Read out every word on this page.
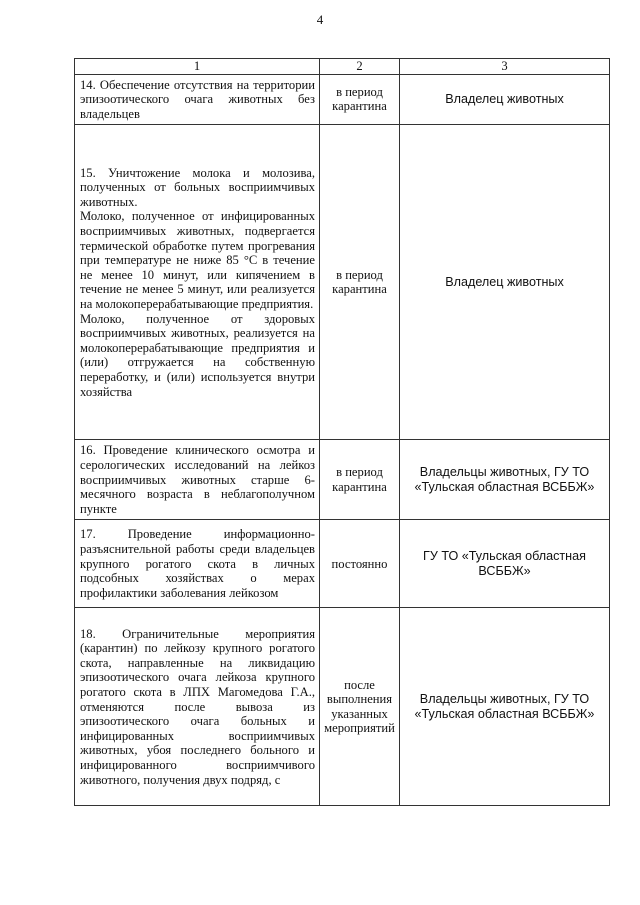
4
1	2	3

14. Обеспечение отсутствия на территории эпизоотического очага животных без владельцев	в период карантина	Владелец животных

15. Уничтожение молока и молозива, полученных от больных восприимчивых животных.
Молоко, полученное от инфицированных восприимчивых животных, подвергается термической обработке путем прогревания при температуре не ниже 85 °С в течение не менее 10 минут, или кипячением в течение не менее 5 минут, или реализуется на молокоперерабатывающие предприятия.
Молоко, полученное от здоровых восприимчивых животных, реализуется на молокоперерабатывающие предприятия и (или) отгружается на собственную переработку, и (или) используется внутри хозяйства	в период карантина	Владелец животных

16. Проведение клинического осмотра и серологических исследований на лейкоз восприимчивых животных старше 6-месячного возраста в неблагополучном пункте	в период карантина	Владельцы животных, ГУ ТО «Тульская областная ВСББЖ»

17. Проведение информационно-разъяснительной работы среди владельцев крупного рогатого скота в личных подсобных хозяйствах о мерах профилактики заболевания лейкозом	постоянно	ГУ ТО «Тульская областная ВСББЖ»

18. Ограничительные мероприятия (карантин) по лейкозу крупного рогатого скота, направленные на ликвидацию эпизоотического очага лейкоза крупного рогатого скота в ЛПХ Магомедова Г.А., отменяются после вывоза из эпизоотического очага больных и инфицированных восприимчивых животных, убоя последнего больного и инфицированного восприимчивого животного, получения двух подряд, с	после выполнения указанных мероприятий	Владельцы животных, ГУ ТО «Тульская областная ВСББЖ»
